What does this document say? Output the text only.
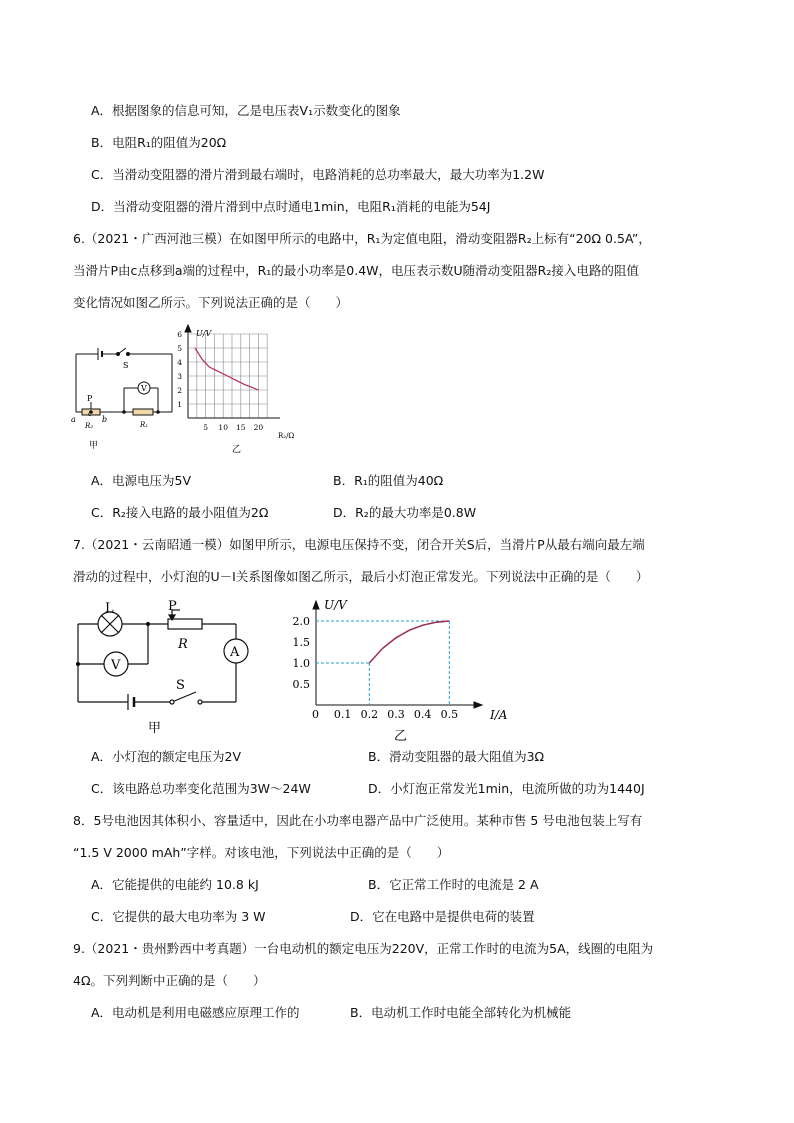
A．根据图象的信息可知，乙是电压表V₁示数变化的图象
B．电阻R₁的阻值为20Ω
C．当滑动变阻器的滑片滑到最右端时，电路消耗的总功率最大，最大功率为1.2W
D．当滑动变阻器的滑片滑到中点时通电1min，电阻R₁消耗的电能为54J
6.（2021・广西河池三模）在如图甲所示的电路中，R₁为定值电阻，滑动变阻器R₂上标有“20Ω 0.5A”，
当滑片P由c点移到a端的过程中，R₁的最小功率是0.4W，电压表示数U随滑动变阻器R₂接入电路的阻值
变化情况如图乙所示。下列说法正确的是（　　）
S
V
P
a
c
b
R₂	R₁
甲
1
2
3
4
5
6
5 10 15 20
U/V
R₂/Ω
乙
A．电源电压为5V	B．R₁的阻值为40Ω
C．R₂接入电路的最小阻值为2Ω	D．R₂的最大功率是0.8W
7.（2021・云南昭通一模）如图甲所示，电源电压保持不变，闭合开关S后，当滑片P从最右端向最左端
滑动的过程中，小灯泡的U－I关系图像如图乙所示，最后小灯泡正常发光。下列说法中正确的是（　　）
L	P
R
V
A
S
甲
0.5
1.0
1.5
2.0
0.1 0.2 0.3 0.4 0.5
0
U/V
I/A
乙
A．小灯泡的额定电压为2V	B．滑动变阻器的最大阻值为3Ω
C．该电路总功率变化范围为3W～24W	D．小灯泡正常发光1min，电流所做的功为1440J
8．5号电池因其体积小、容量适中，因此在小功率电器产品中广泛使用。某种市售 5 号电池包装上写有
“1.5 V 2000 mAh”字样。对该电池，下列说法中正确的是（　　）
A．它能提供的电能约 10.8 kJ	B．它正常工作时的电流是 2 A
C．它提供的最大电功率为 3 W	D．它在电路中是提供电荷的装置
9.（2021・贵州黔西中考真题）一台电动机的额定电压为220V，正常工作时的电流为5A，线圈的电阻为
4Ω。下列判断中正确的是（　　）
A．电动机是利用电磁感应原理工作的	B．电动机工作时电能全部转化为机械能
